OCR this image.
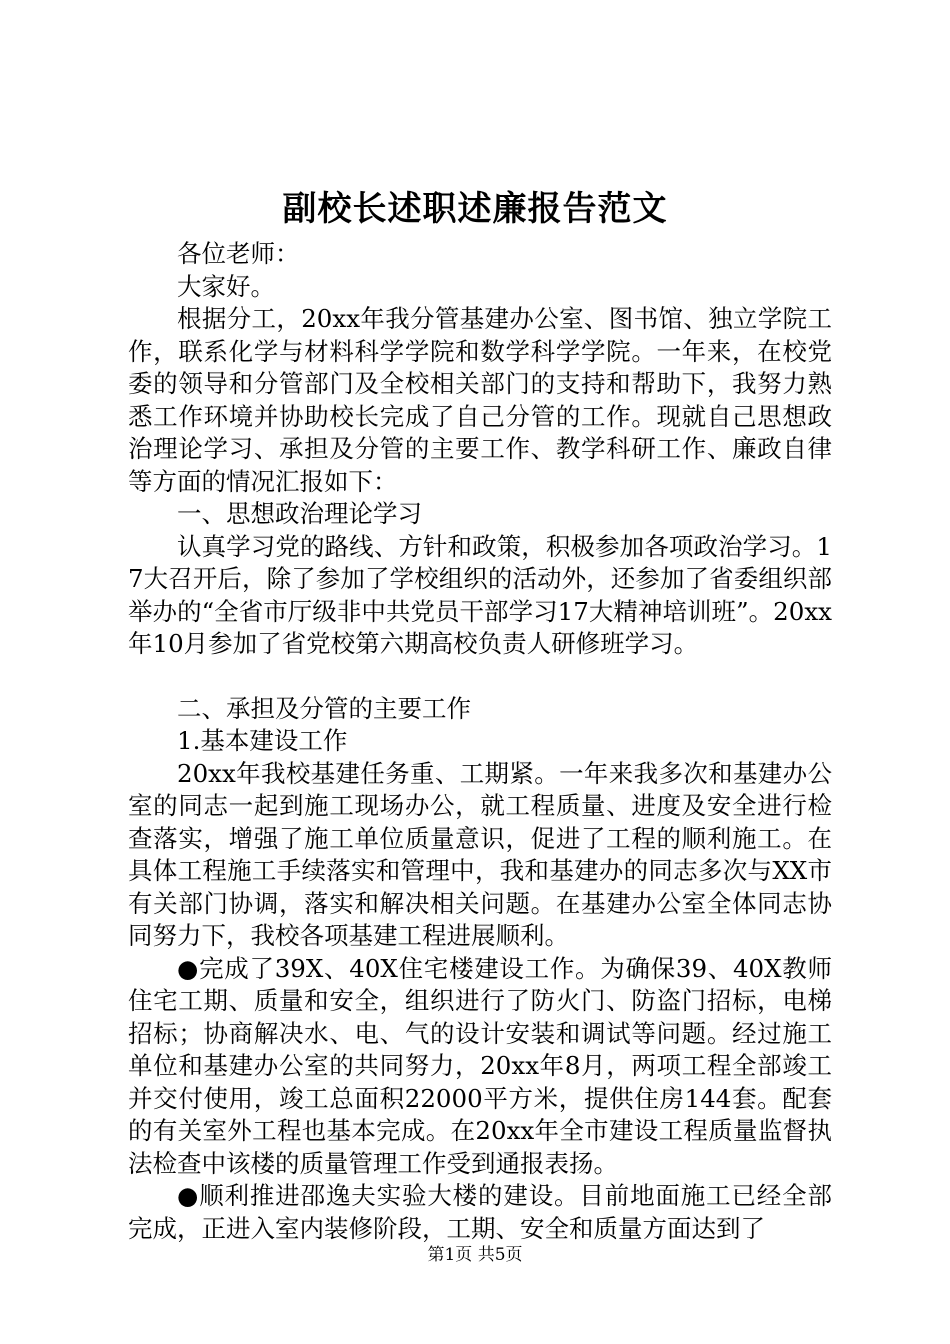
副校长述职述廉报告范文

各位老师：

大家好。

根据分工，20xx年我分管基建办公室、图书馆、独立学院工作，联系化学与材料科学学院和数学科学学院。一年来，在校党委的领导和分管部门及全校相关部门的支持和帮助下，我努力熟悉工作环境并协助校长完成了自己分管的工作。现就自己思想政治理论学习、承担及分管的主要工作、教学科研工作、廉政自律等方面的情况汇报如下：

一、思想政治理论学习

认真学习党的路线、方针和政策，积极参加各项政治学习。17大召开后，除了参加了学校组织的活动外，还参加了省委组织部举办的“全省市厅级非中共党员干部学习17大精神培训班”。20xx年10月参加了省党校第六期高校负责人研修班学习。

二、承担及分管的主要工作

1.基本建设工作

20xx年我校基建任务重、工期紧。一年来我多次和基建办公室的同志一起到施工现场办公，就工程质量、进度及安全进行检查落实，增强了施工单位质量意识，促进了工程的顺利施工。在具体工程施工手续落实和管理中，我和基建办的同志多次与XX市有关部门协调，落实和解决相关问题。在基建办公室全体同志协同努力下，我校各项基建工程进展顺利。

●完成了39X、40X住宅楼建设工作。为确保39、40X教师住宅工期、质量和安全，组织进行了防火门、防盗门招标，电梯招标；协商解决水、电、气的设计安装和调试等问题。经过施工单位和基建办公室的共同努力，20xx年8月，两项工程全部竣工并交付使用，竣工总面积22000平方米，提供住房144套。配套的有关室外工程也基本完成。在20xx年全市建设工程质量监督执法检查中该楼的质量管理工作受到通报表扬。

●顺利推进邵逸夫实验大楼的建设。目前地面施工已经全部完成，正进入室内装修阶段，工期、安全和质量方面达到了

第1页 共5页
